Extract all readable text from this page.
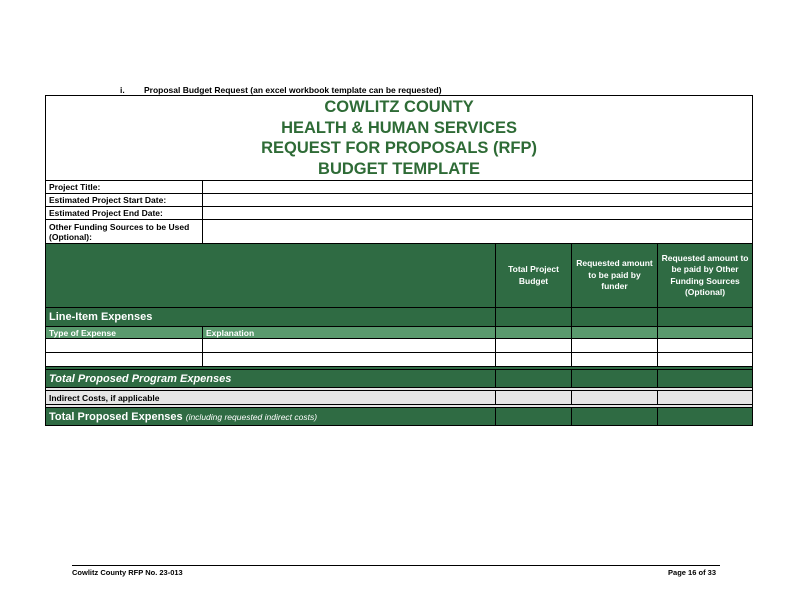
i. Proposal Budget Request (an excel workbook template can be requested)
COWLITZ COUNTY
HEALTH & HUMAN SERVICES
REQUEST FOR PROPOSALS (RFP)
BUDGET TEMPLATE				

Project Title:				
Estimated Project Start Date:				
Estimated Project End Date:				
Other Funding Sources to be Used (Optional):				
		Total Project Budget	Requested amount to be paid by funder	Requested amount to be paid by Other Funding Sources (Optional)
Line-Item Expenses				
Type of Expense	Explanation			

Total Proposed Program Expenses				

Indirect Costs, if applicable				

Total Proposed Expenses (including requested indirect costs)				
Cowlitz County RFP No. 23-013	Page 16 of 33
